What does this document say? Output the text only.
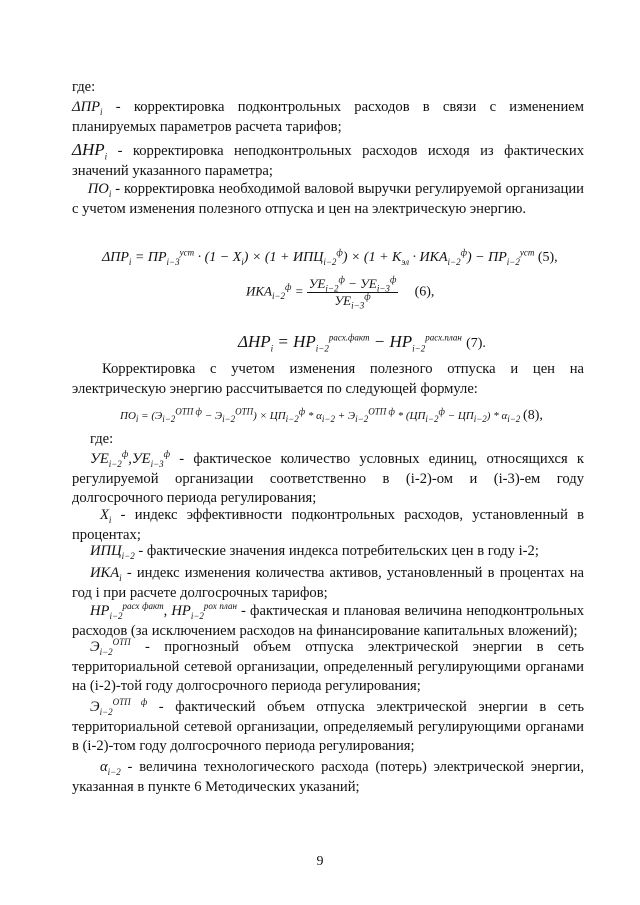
где:
$\Delta ПР_i$ - корректировка подконтрольных расходов в связи с изменением планируемых параметров расчета тарифов;
$\Delta НР_i$ - корректировка неподконтрольных расходов исходя из фактических значений указанного параметра;
$ПО_i$ - корректировка необходимой валовой выручки регулируемой организации с учетом изменения полезного отпуска и цен на электрическую энергию.
$\Delta ПР_i = ПР_{i-3}^{уст} \cdot (1 - X_i) \times (1 + ИПЦ_{i-2}^ф) \times (1 + K_{эл} \cdot ИКА_{i-2}^ф) - ПР_{i-2}^{уст}$ (5),
$ИКА_{i-2}^ф = \frac{УЕ_{i-2}^ф - УЕ_{i-3}^ф}{УЕ_{i-3}^ф} (6)$,
$\Delta НР_i = НР_{i-2}^{расх.факт} - НР_{i-2}^{расх.план}$ (7).
Корректировка с учетом изменения полезного отпуска и цен на электрическую энергию рассчитывается по следующей формуле:
$ПО_i = (Э_{i-2}^{ОТП ф} - Э_{i-2}^{ОТП}) \times ЦП_{i-2}^ф * \alpha_{i-2} + Э_{i-2}^{ОТП ф} * (ЦП_{i-2}^ф - ЦП_{i-2}) * \alpha_{i-2}$ (8),
где:
$УЕ_{i-2}^ф,УЕ_{i-3}^ф$ - фактическое количество условных единиц, относящихся к регулируемой организации соответственно в (i-2)-ом и (i-3)-ем году долгосрочного периода регулирования;
$X_i$ - индекс эффективности подконтрольных расходов, установленный в процентах;
$ИПЦ_{i-2}$ - фактические значения индекса потребительских цен в году i-2;
$ИКА_i$ - индекс изменения количества активов, установленный в процентах на год i при расчете долгосрочных тарифов;
$НР_{i-2}^{расх факт}$, $НР_{i-2}^{рох план}$ - фактическая и плановая величина неподконтрольных расходов (за исключением расходов на финансирование капитальных вложений);
$Э_{i-2}^{ОТП}$ - прогнозный объем отпуска электрической энергии в сеть территориальной сетевой организации, определенный регулирующими органами на (i-2)-той году долгосрочного периода регулирования;
$Э_{i-2}^{ОТП ф}$ - фактический объем отпуска электрической энергии в сеть территориальной сетевой организации, определяемый регулирующими органами в (i-2)-том году долгосрочного периода регулирования;
$\alpha_{i-2}$ - величина технологического расхода (потерь) электрической энергии, указанная в пункте 6 Методических указаний;
9
